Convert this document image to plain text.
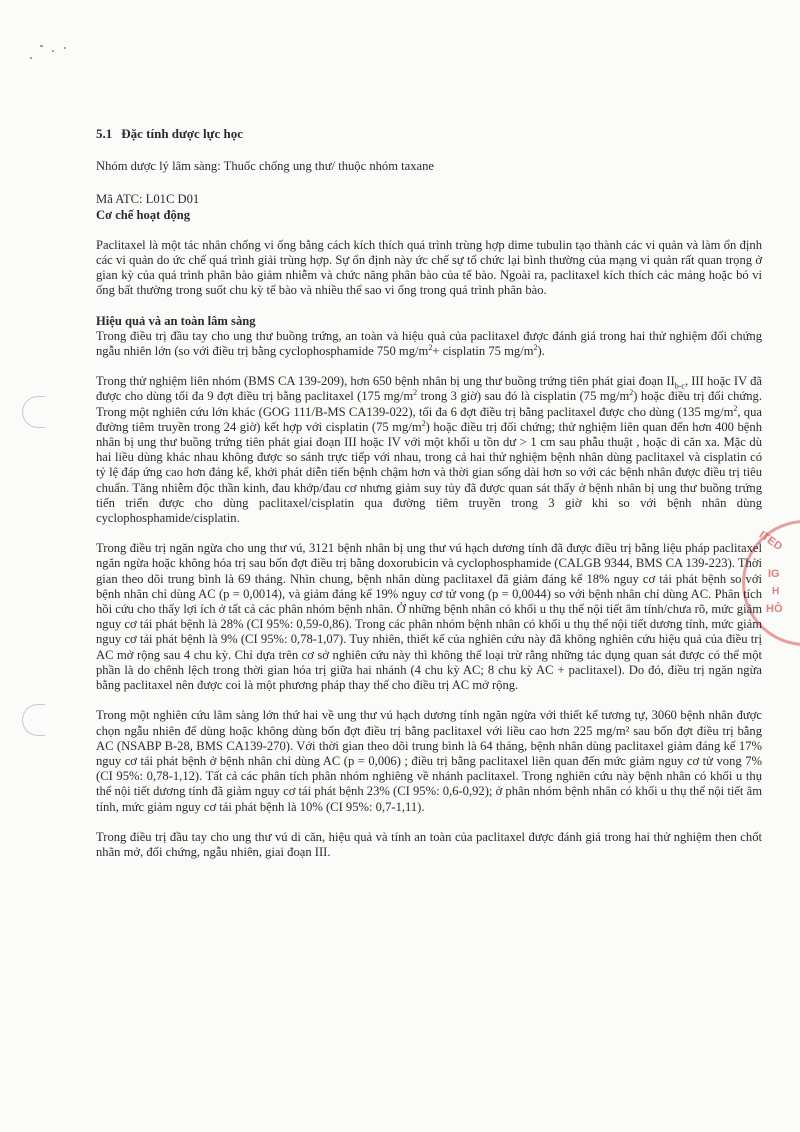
ITED
IG
H
HÔ
5.1 Đặc tính dược lực học

Nhóm dược lý lâm sàng: Thuốc chống ung thư/ thuộc nhóm taxane

Mã ATC: L01C D01

Cơ chế hoạt động

Paclitaxel là một tác nhân chống vi ống bằng cách kích thích quá trình trùng hợp dime tubulin tạo thành các vi quản và làm ổn định các vi quản do ức chế quá trình giải trùng hợp. Sự ổn định này ức chế sự tổ chức lại bình thường của mạng vi quản rất quan trọng ở gian kỳ của quá trình phân bào giảm nhiễm và chức năng phân bào của tế bào. Ngoài ra, paclitaxel kích thích các mảng hoặc bó vi ống bất thường trong suốt chu kỳ tế bào và nhiều thể sao vi ống trong quá trình phân bào.

Hiệu quả và an toàn lâm sàng

Trong điều trị đầu tay cho ung thư buồng trứng, an toàn và hiệu quả của paclitaxel được đánh giá trong hai thử nghiệm đối chứng ngẫu nhiên lớn (so với điều trị bằng cyclophosphamide 750 $mg/m^2+$ cisplatin 75 $mg/m^2$).

Trong thử nghiệm liên nhóm (BMS CA 139-209), hơn 650 bệnh nhân bị ung thư buồng trứng tiên phát giai đoạn $II_{b-c}$, III hoặc IV đã được cho dùng tối đa 9 đợt điều trị bằng paclitaxel (175 $mg/m^2$ trong 3 giờ) sau đó là cisplatin (75 $mg/m^2$) hoặc điều trị đối chứng. Trong một nghiên cứu lớn khác (GOG 111/B-MS CA139-022), tối đa 6 đợt điều trị bằng paclitaxel được cho dùng (135 $mg/m^2$, qua đường tiêm truyền trong 24 giờ) kết hợp với cisplatin (75 $mg/m^2$) hoặc điều trị đối chứng; thử nghiệm liên quan đến hơn 400 bệnh nhân bị ung thư buồng trứng tiên phát giai đoạn III hoặc IV với một khối u tồn dư > 1 cm sau phẫu thuật , hoặc di căn xa. Mặc dù hai liều dùng khác nhau không được so sánh trực tiếp với nhau, trong cả hai thử nghiệm bệnh nhân dùng paclitaxel và cisplatin có tỷ lệ đáp ứng cao hơn đáng kể, khởi phát diễn tiến bệnh chậm hơn và thời gian sống dài hơn so với các bệnh nhân được điều trị tiêu chuẩn. Tăng nhiễm độc thần kinh, đau khớp/đau cơ nhưng giảm suy tủy đã được quan sát thấy ở bệnh nhân bị ung thư buồng trứng tiến triển được cho dùng paclitaxel/cisplatin qua đường tiêm truyền trong 3 giờ khi so với bệnh nhân dùng cyclophosphamide/cisplatin.

Trong điều trị ngăn ngừa cho ung thư vú, 3121 bệnh nhân bị ung thư vú hạch dương tính đã được điều trị bằng liệu pháp paclitaxel ngăn ngừa hoặc không hóa trị sau bốn đợt điều trị bằng doxorubicin và cyclophosphamide (CALGB 9344, BMS CA 139-223). Thời gian theo dõi trung bình là 69 tháng. Nhìn chung, bệnh nhân dùng paclitaxel đã giảm đáng kể 18% nguy cơ tái phát bệnh so với bệnh nhân chỉ dùng AC (p = 0,0014), và giảm đáng kể 19% nguy cơ tử vong (p = 0,0044) so với bệnh nhân chỉ dùng AC. Phân tích hồi cứu cho thấy lợi ích ở tất cả các phân nhóm bệnh nhân. Ở những bệnh nhân có khối u thụ thể nội tiết âm tính/chưa rõ, mức giảm nguy cơ tái phát bệnh là 28% (CI 95%: 0,59-0,86). Trong các phân nhóm bệnh nhân có khối u thụ thể nội tiết dương tính, mức giảm nguy cơ tái phát bệnh là 9% (CI 95%: 0,78-1,07). Tuy nhiên, thiết kế của nghiên cứu này đã không nghiên cứu hiệu quả của điều trị AC mở rộng sau 4 chu kỳ. Chỉ dựa trên cơ sở nghiên cứu này thì không thể loại trừ rằng những tác dụng quan sát được có thể một phần là do chênh lệch trong thời gian hóa trị giữa hai nhánh (4 chu kỳ AC; 8 chu kỳ AC + paclitaxel). Do đó, điều trị ngăn ngừa bằng paclitaxel nên được coi là một phương pháp thay thế cho điều trị AC mở rộng.

Trong một nghiên cứu lâm sàng lớn thứ hai về ung thư vú hạch dương tính ngăn ngừa với thiết kế tương tự, 3060 bệnh nhân được chọn ngẫu nhiên để dùng hoặc không dùng bốn đợt điều trị bằng paclitaxel với liều cao hơn 225 mg/m² sau bốn đợt điều trị bằng AC (NSABP B-28, BMS CA139-270). Với thời gian theo dõi trung bình là 64 tháng, bệnh nhân dùng paclitaxel giảm đáng kể 17% nguy cơ tái phát bệnh ở bệnh nhân chỉ dùng AC (p = 0,006) ; điều trị bằng paclitaxel liên quan đến mức giảm nguy cơ tử vong 7% (CI 95%: 0,78-1,12). Tất cả các phân tích phân nhóm nghiêng về nhánh paclitaxel. Trong nghiên cứu này bệnh nhân có khối u thụ thể nội tiết dương tính đã giảm nguy cơ tái phát bệnh 23% (CI 95%: 0,6-0,92); ở phân nhóm bệnh nhân có khối u thụ thể nội tiết âm tính, mức giảm nguy cơ tái phát bệnh là 10% (CI 95%: 0,7-1,11).

Trong điều trị đầu tay cho ung thư vú di căn, hiệu quả và tính an toàn của paclitaxel được đánh giá trong hai thử nghiệm then chốt nhãn mở, đối chứng, ngẫu nhiên, giai đoạn III.
